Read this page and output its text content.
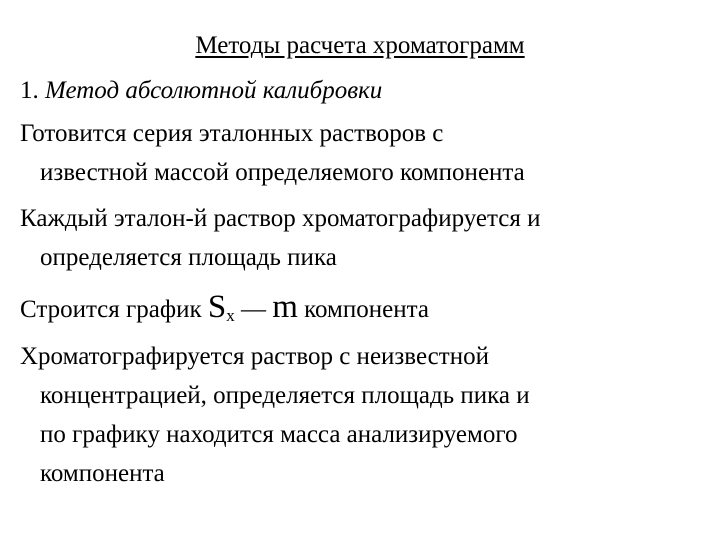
Методы расчета хроматограмм
1. Метод абсолютной калибровки
Готовится серия эталонных растворов с
известной массой определяемого компонента
Каждый эталон-й раствор хроматографируется и
определяется площадь пика
Строится график $S_x$ — m компонента
Хроматографируется раствор с неизвестной
концентрацией, определяется площадь пика и
по графику находится масса анализируемого
компонента
